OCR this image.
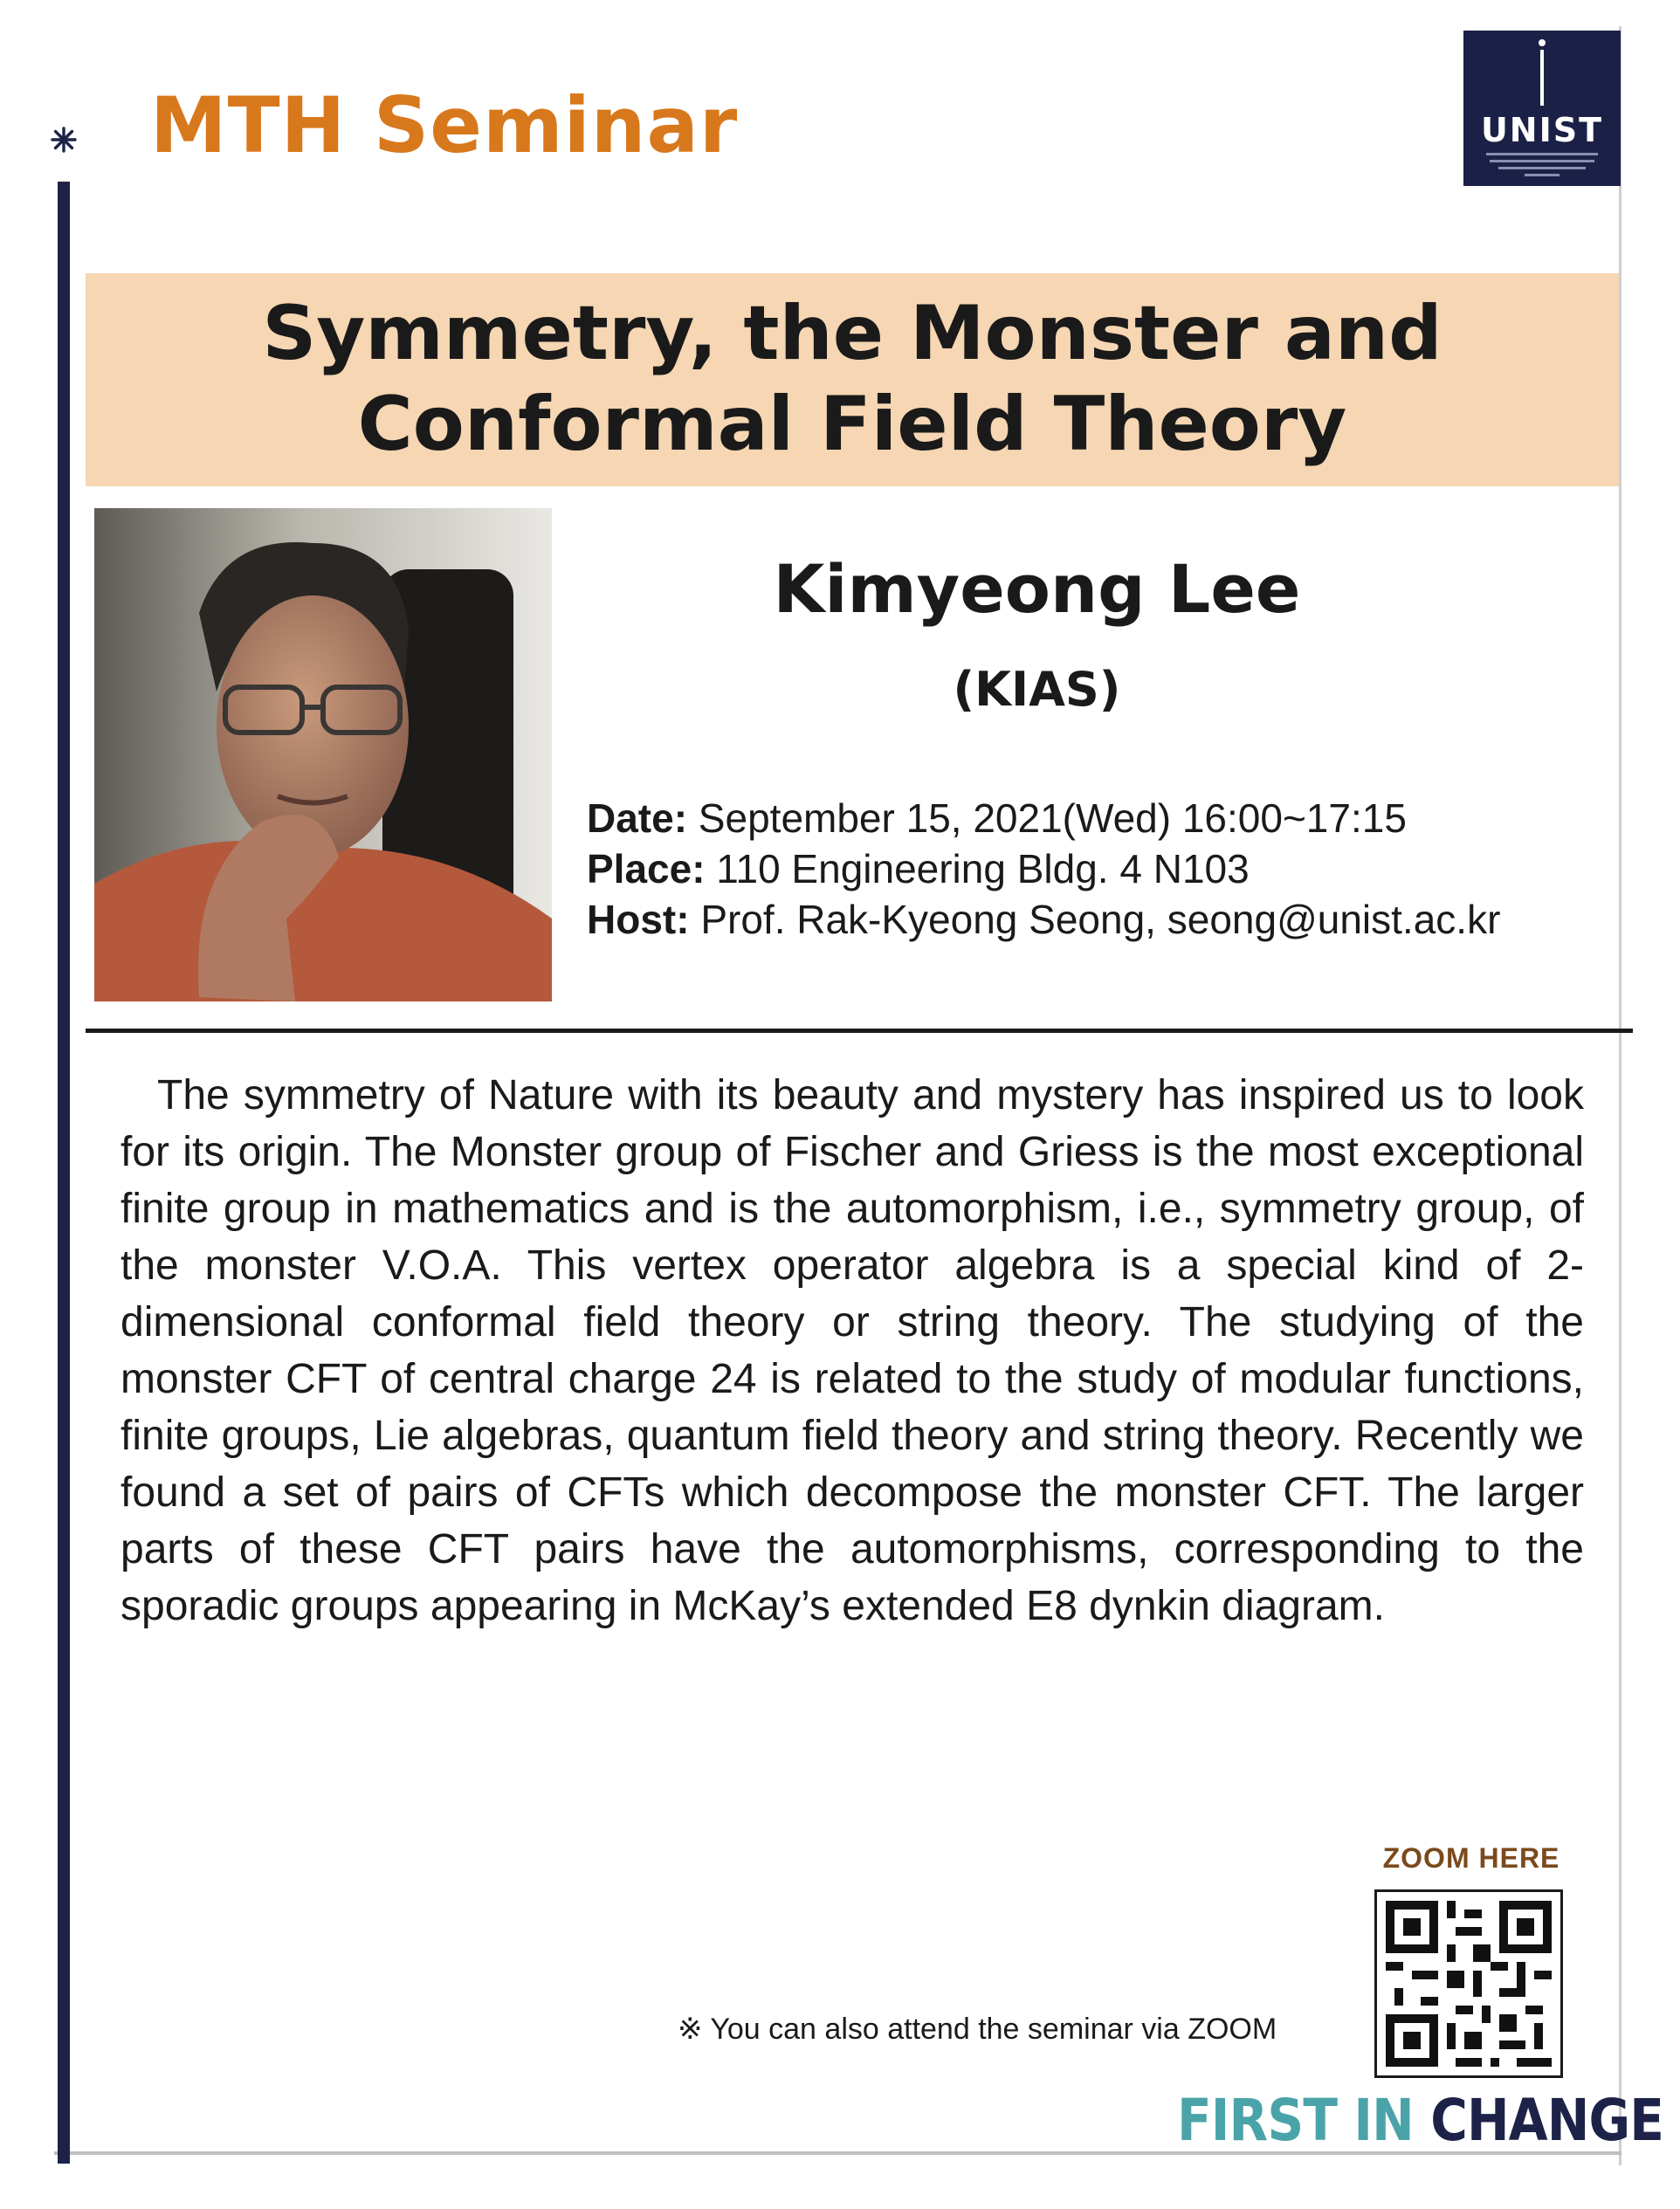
MTH Seminar	UNIST
Symmetry, the Monster and
Conformal Field Theory
Kimyeong Lee
(KIAS)
Date: September 15, 2021(Wed) 16:00~17:15
Place: 110 Engineering Bldg. 4 N103
Host: Prof. Rak-Kyeong Seong, seong@unist.ac.kr

The symmetry of Nature with its beauty and mystery has inspired us to look for its origin. The Monster group of Fischer and Griess is the most exceptional finite group in mathematics and is the automorphism, i.e., symmetry group, of the monster V.O.A. This vertex operator algebra is a special kind of 2-dimensional conformal field theory or string theory. The studying of the monster CFT of central charge 24 is related to the study of modular functions, finite groups, Lie algebras, quantum field theory and string theory. Recently we found a set of pairs of CFTs which decompose the monster CFT. The larger parts of these CFT pairs have the automorphisms, corresponding to the sporadic groups appearing in McKay’s extended E8 dynkin diagram.

ZOOM HERE
※ You can also attend the seminar via ZOOM
FIRST IN CHANGE
